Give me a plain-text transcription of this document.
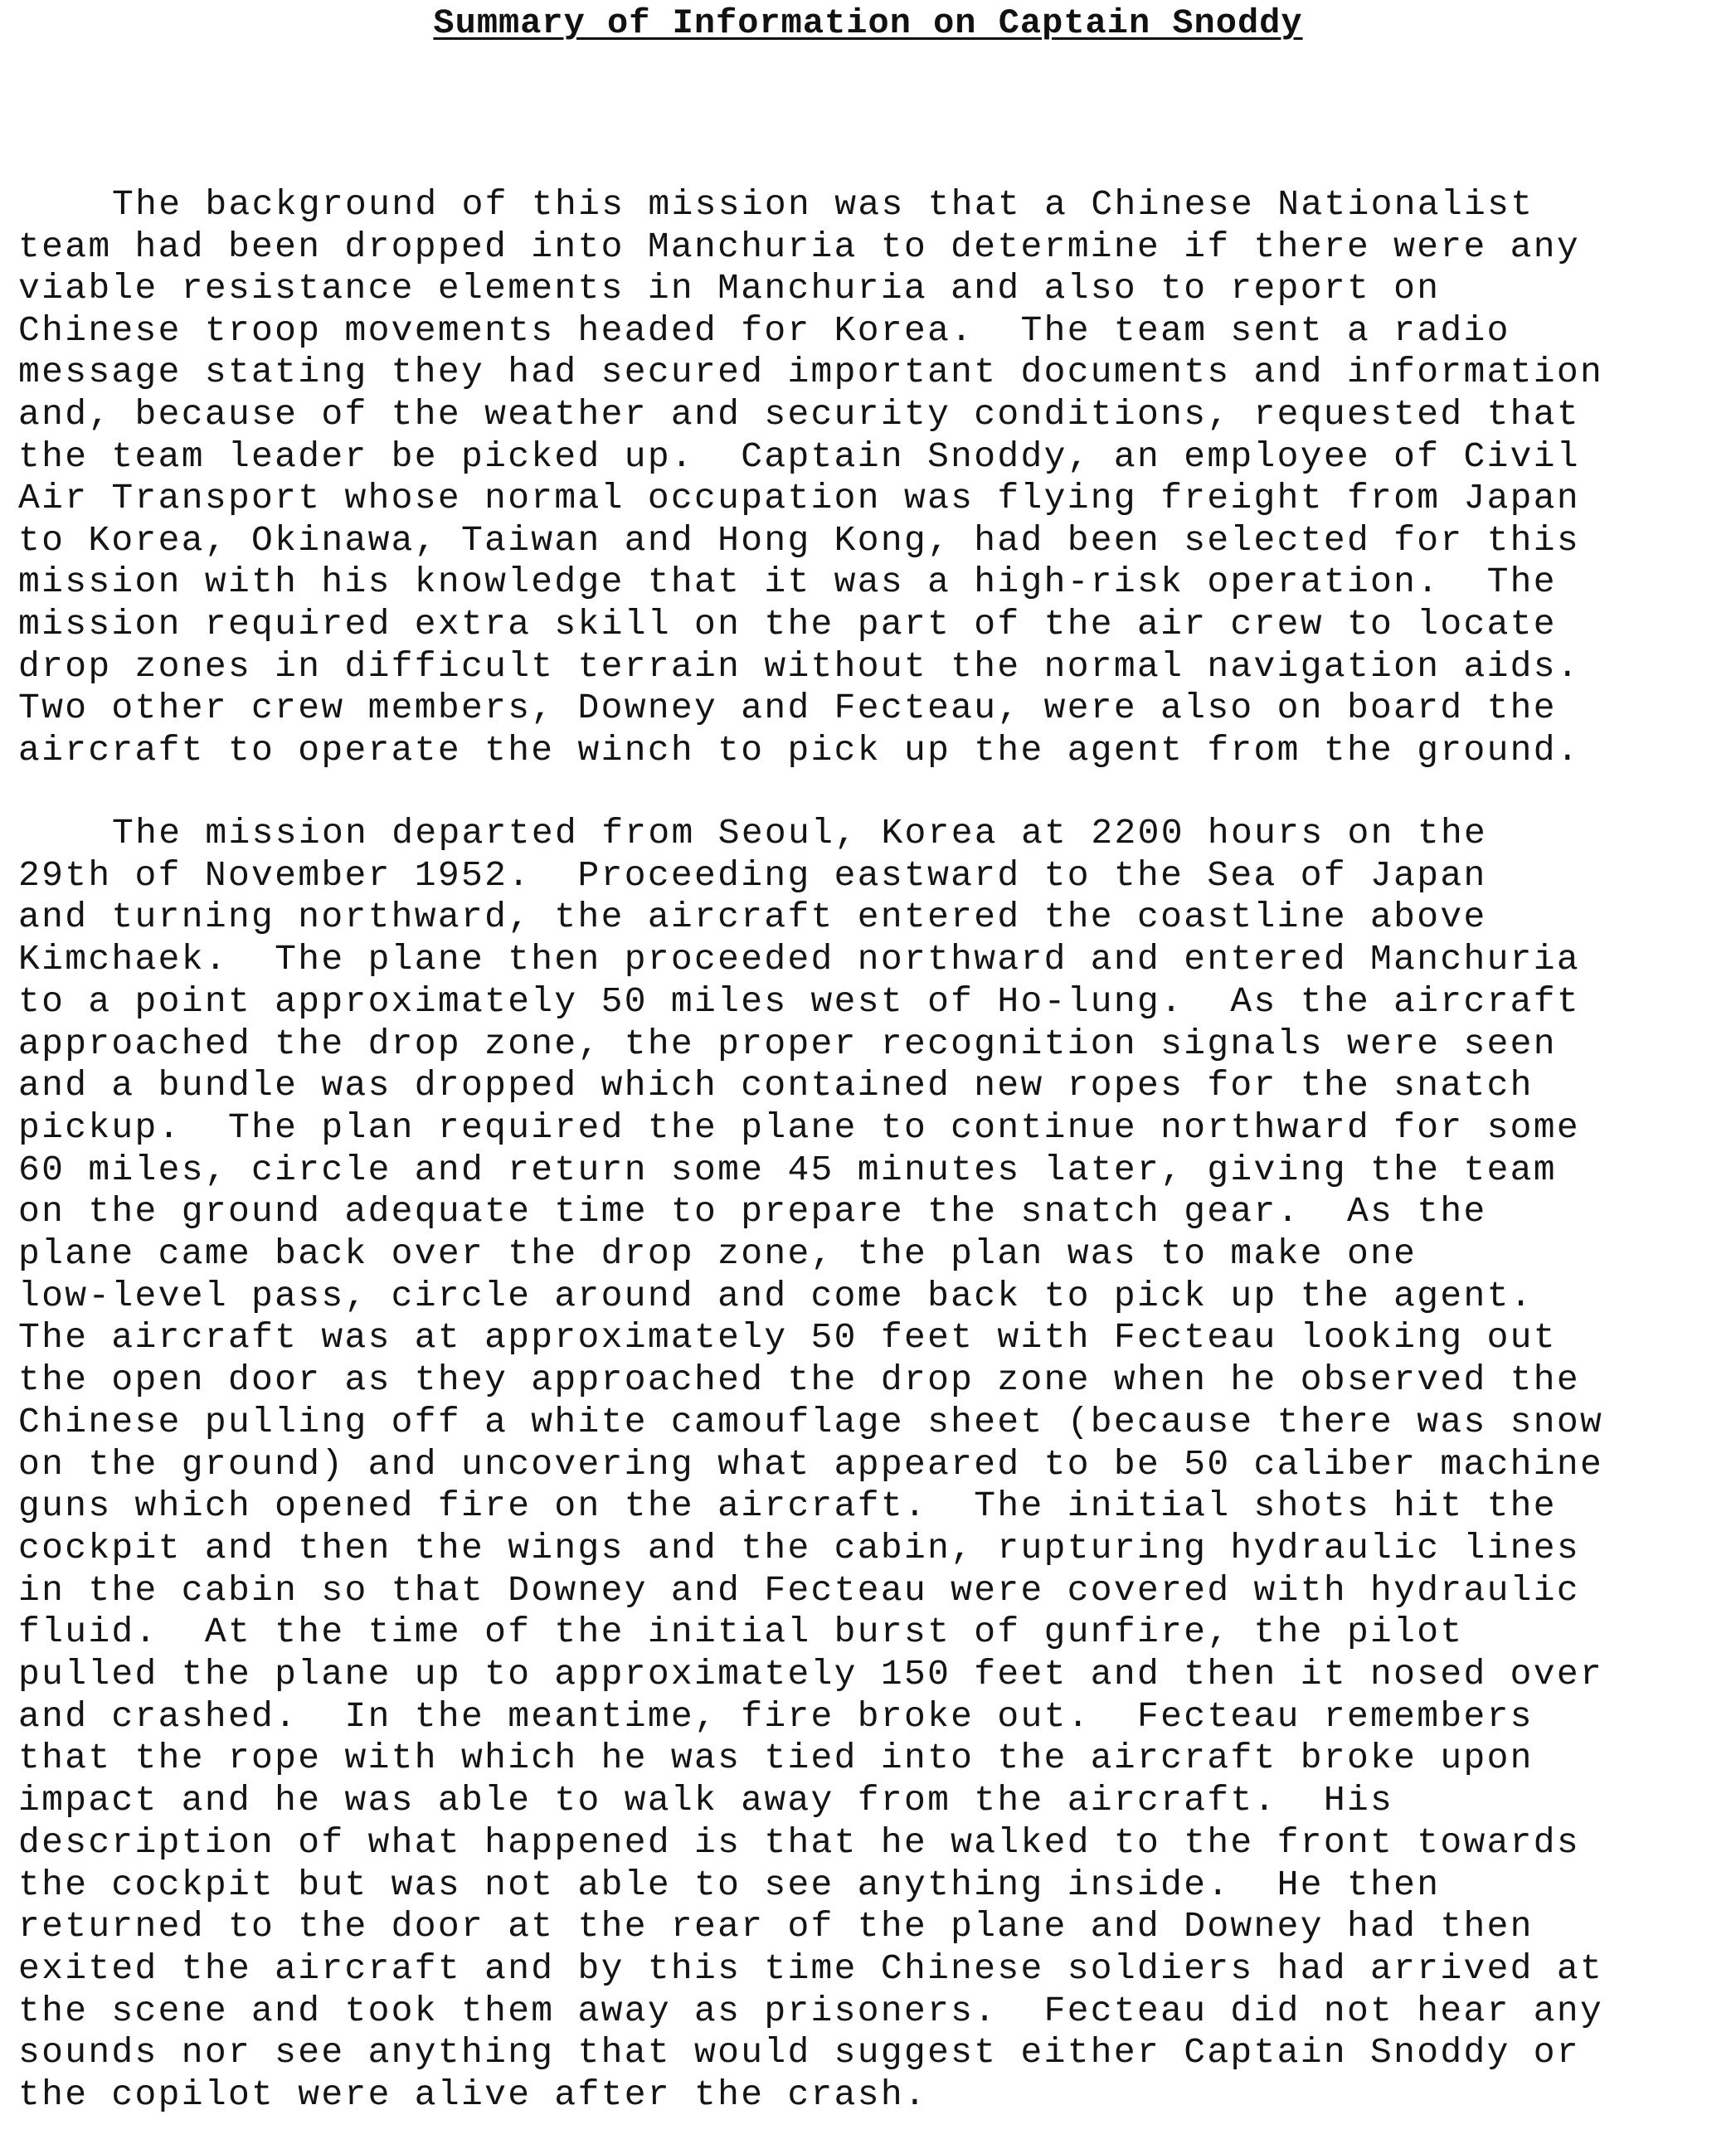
Summary of Information on Captain Snoddy
The background of this mission was that a Chinese Nationalist
team had been dropped into Manchuria to determine if there were any
viable resistance elements in Manchuria and also to report on
Chinese troop movements headed for Korea.  The team sent a radio
message stating they had secured important documents and information
and, because of the weather and security conditions, requested that
the team leader be picked up.  Captain Snoddy, an employee of Civil
Air Transport whose normal occupation was flying freight from Japan
to Korea, Okinawa, Taiwan and Hong Kong, had been selected for this
mission with his knowledge that it was a high-risk operation.  The
mission required extra skill on the part of the air crew to locate
drop zones in difficult terrain without the normal navigation aids.
Two other crew members, Downey and Fecteau, were also on board the
aircraft to operate the winch to pick up the agent from the ground.
The mission departed from Seoul, Korea at 2200 hours on the
29th of November 1952.  Proceeding eastward to the Sea of Japan
and turning northward, the aircraft entered the coastline above
Kimchaek.  The plane then proceeded northward and entered Manchuria
to a point approximately 50 miles west of Ho-lung.  As the aircraft
approached the drop zone, the proper recognition signals were seen
and a bundle was dropped which contained new ropes for the snatch
pickup.  The plan required the plane to continue northward for some
60 miles, circle and return some 45 minutes later, giving the team
on the ground adequate time to prepare the snatch gear.  As the
plane came back over the drop zone, the plan was to make one
low-level pass, circle around and come back to pick up the agent.
The aircraft was at approximately 50 feet with Fecteau looking out
the open door as they approached the drop zone when he observed the
Chinese pulling off a white camouflage sheet (because there was snow
on the ground) and uncovering what appeared to be 50 caliber machine
guns which opened fire on the aircraft.  The initial shots hit the
cockpit and then the wings and the cabin, rupturing hydraulic lines
in the cabin so that Downey and Fecteau were covered with hydraulic
fluid.  At the time of the initial burst of gunfire, the pilot
pulled the plane up to approximately 150 feet and then it nosed over
and crashed.  In the meantime, fire broke out.  Fecteau remembers
that the rope with which he was tied into the aircraft broke upon
impact and he was able to walk away from the aircraft.  His
description of what happened is that he walked to the front towards
the cockpit but was not able to see anything inside.  He then
returned to the door at the rear of the plane and Downey had then
exited the aircraft and by this time Chinese soldiers had arrived at
the scene and took them away as prisoners.  Fecteau did not hear any
sounds nor see anything that would suggest either Captain Snoddy or
the copilot were alive after the crash.
